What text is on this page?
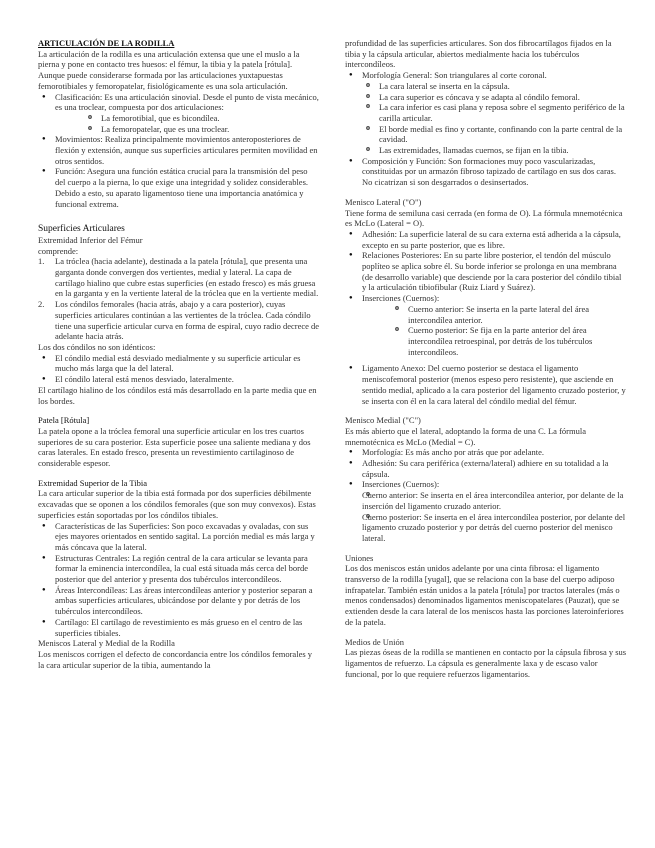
ARTICULACIÓN DE LA RODILLA

La articulación de la rodilla es una articulación extensa que une el muslo a la pierna y pone en contacto tres huesos: el fémur, la tibia y la patela [rótula]. Aunque puede considerarse formada por las articulaciones yuxtapuestas femorotibiales y femoropatelar, fisiológicamente es una sola articulación.

● Clasificación: Es una articulación sinovial. Desde el punto de vista mecánico, es una troclear, compuesta por dos articulaciones:
o La femorotibial, que es bicondílea.
o La femoropatelar, que es una troclear.
● Movimientos: Realiza principalmente movimientos anteroposteriores de flexión y extensión, aunque sus superficies articulares permiten movilidad en otros sentidos.
● Función: Asegura una función estática crucial para la transmisión del peso del cuerpo a la pierna, lo que exige una integridad y solidez considerables. Debido a esto, su aparato ligamentoso tiene una importancia anatómica y funcional extrema.

Superficies Articulares

Extremidad Inferior del Fémur

comprende:

1. La tróclea (hacia adelante), destinada a la patela [rótula], que presenta una garganta donde convergen dos vertientes, medial y lateral. La capa de cartílago hialino que cubre estas superficies (en estado fresco) es más gruesa en la garganta y en la vertiente lateral de la tróclea que en la vertiente medial.
2. Los cóndilos femorales (hacia atrás, abajo y a cara posterior), cuyas superficies articulares continúan a las vertientes de la tróclea. Cada cóndilo tiene una superficie articular curva en forma de espiral, cuyo radio decrece de adelante hacia atrás.

Los dos cóndilos no son idénticos:

● El cóndilo medial está desviado medialmente y su superficie articular es mucho más larga que la del lateral.
● El cóndilo lateral está menos desviado, lateralmente.

El cartílago hialino de los cóndilos está más desarrollado en la parte media que en los bordes.

Patela [Rótula]

La patela opone a la tróclea femoral una superficie articular en los tres cuartos superiores de su cara posterior. Esta superficie posee una saliente mediana y dos caras laterales. En estado fresco, presenta un revestimiento cartilaginoso de considerable espesor.

Extremidad Superior de la Tibia

La cara articular superior de la tibia está formada por dos superficies débilmente excavadas que se oponen a los cóndilos femorales (que son muy convexos). Estas superficies están soportadas por los cóndilos tibiales.

● Características de las Superficies: Son poco excavadas y ovaladas, con sus ejes mayores orientados en sentido sagital. La porción medial es más larga y más cóncava que la lateral.
● Estructuras Centrales: La región central de la cara articular se levanta para formar la eminencia intercondílea, la cual está situada más cerca del borde posterior que del anterior y presenta dos tubérculos intercondíleos.
● Áreas Intercondíleas: Las áreas intercondíleas anterior y posterior separan a ambas superficies articulares, ubicándose por delante y por detrás de los tubérculos intercondíleos.
● Cartílago: El cartílago de revestimiento es más grueso en el centro de las superficies tibiales.

Meniscos Lateral y Medial de la Rodilla

Los meniscos corrigen el defecto de concordancia entre los cóndilos femorales y la cara articular superior de la tibia, aumentando la

profundidad de las superficies articulares. Son dos fibrocartílagos fijados en la tibia y la cápsula articular, abiertos medialmente hacia los tubérculos intercondíleos.

● Morfología General: Son triangulares al corte coronal.
o La cara lateral se inserta en la cápsula.
o La cara superior es cóncava y se adapta al cóndilo femoral.
o La cara inferior es casi plana y reposa sobre el segmento periférico de la carilla articular.
o El borde medial es fino y cortante, confinando con la parte central de la cavidad.
o Las extremidades, llamadas cuernos, se fijan en la tibia.
● Composición y Función: Son formaciones muy poco vascularizadas, constituidas por un armazón fibroso tapizado de cartílago en sus dos caras. No cicatrizan si son desgarrados o desinsertados.

Menisco Lateral ("O")

Tiene forma de semiluna casi cerrada (en forma de O). La fórmula mnemotécnica es McLo (Lateral = O).

● Adhesión: La superficie lateral de su cara externa está adherida a la cápsula, excepto en su parte posterior, que es libre.
● Relaciones Posteriores: En su parte libre posterior, el tendón del músculo poplíteo se aplica sobre él. Su borde inferior se prolonga en una membrana (de desarrollo variable) que desciende por la cara posterior del cóndilo tibial y la articulación tibiofibular (Ruiz Liard y Suárez).
● Inserciones (Cuernos):
o Cuerno anterior: Se inserta en la parte lateral del área intercondílea anterior.
o Cuerno posterior: Se fija en la parte anterior del área intercondílea retroespinal, por detrás de los tubérculos intercondíleos.
● Ligamento Anexo: Del cuerno posterior se destaca el ligamento meniscofemoral posterior (menos espeso pero resistente), que asciende en sentido medial, aplicado a la cara posterior del ligamento cruzado posterior, y se inserta con él en la cara lateral del cóndilo medial del fémur.

Menisco Medial ("C")

Es más abierto que el lateral, adoptando la forma de una C. La fórmula mnemotécnica es McLo (Medial = C).

● Morfología: Es más ancho por atrás que por adelante.
● Adhesión: Su cara periférica (externa/lateral) adhiere en su totalidad a la cápsula.
● Inserciones (Cuernos):
o Cuerno anterior: Se inserta en el área intercondílea anterior, por delante de la inserción del ligamento cruzado anterior.
o Cuerno posterior: Se inserta en el área intercondílea posterior, por delante del ligamento cruzado posterior y por detrás del cuerno posterior del menisco lateral.

Uniones

Los dos meniscos están unidos adelante por una cinta fibrosa: el ligamento transverso de la rodilla [yugal], que se relaciona con la base del cuerpo adiposo infrapatelar. También están unidos a la patela [rótula] por tractos laterales (más o menos condensados) denominados ligamentos meniscopatelares (Pauzat), que se extienden desde la cara lateral de los meniscos hasta las porciones lateroinferiores de la patela.

Medios de Unión

Las piezas óseas de la rodilla se mantienen en contacto por la cápsula fibrosa y sus ligamentos de refuerzo. La cápsula es generalmente laxa y de escaso valor funcional, por lo que requiere refuerzos ligamentarios.
